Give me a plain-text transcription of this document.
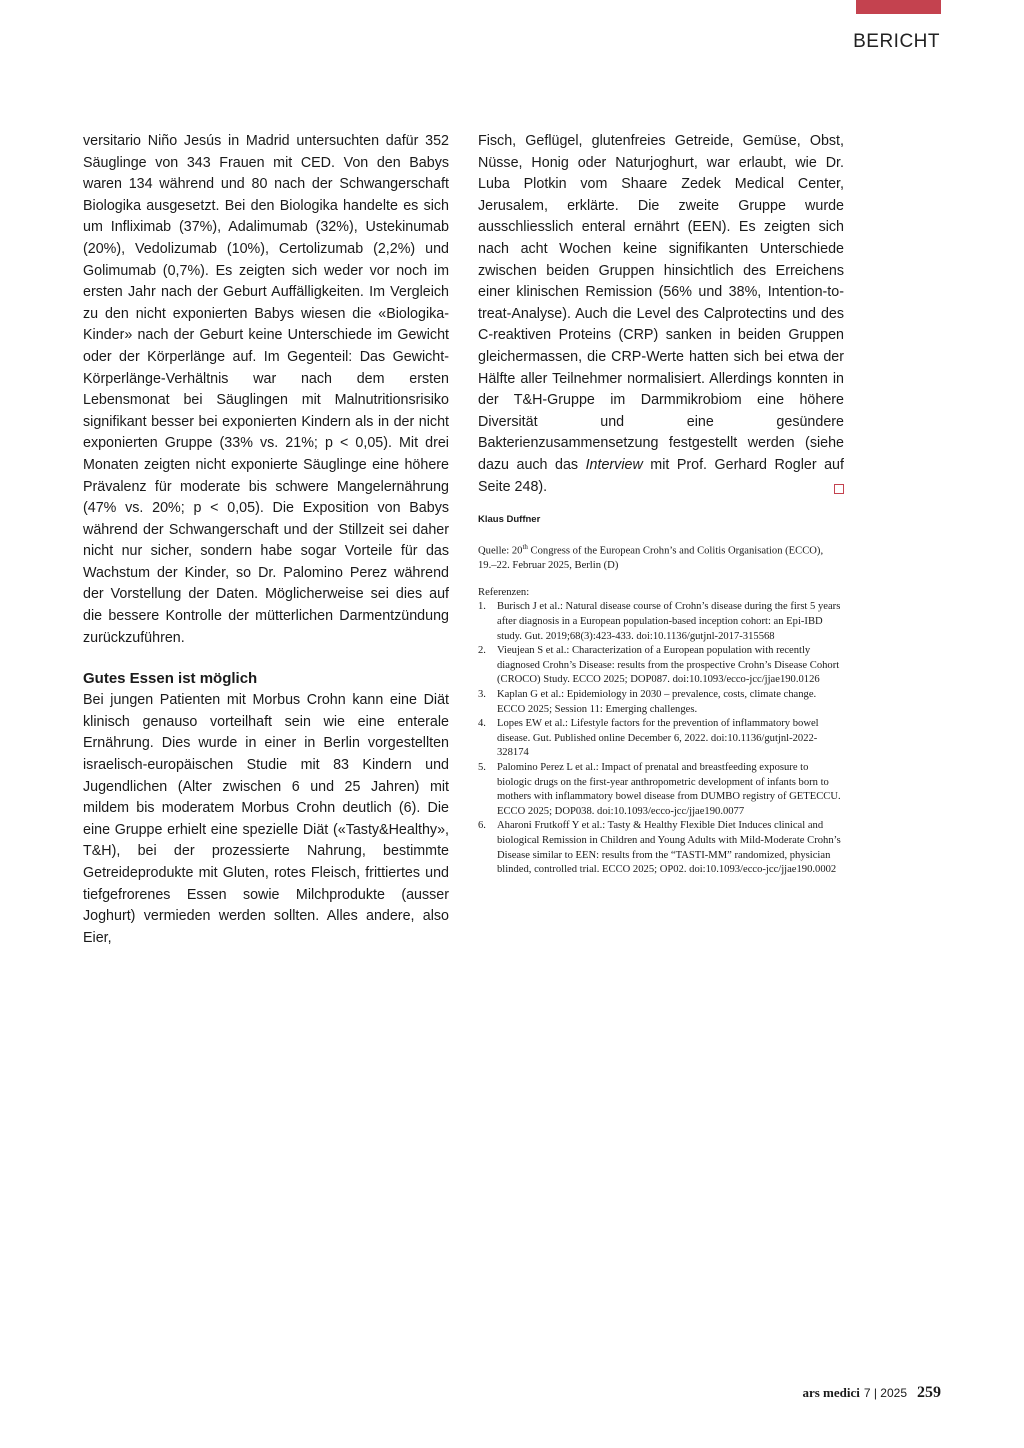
BERICHT

versitario Niño Jesús in Madrid untersuchten dafür 352 Säuglinge von 343 Frauen mit CED. Von den Babys waren 134 während und 80 nach der Schwangerschaft Biologika ausgesetzt. Bei den Biologika handelte es sich um Infliximab (37%), Adalimumab (32%), Ustekinumab (20%), Vedolizumab (10%), Certolizumab (2,2%) und Golimumab (0,7%). Es zeigten sich weder vor noch im ersten Jahr nach der Geburt Auffälligkeiten. Im Vergleich zu den nicht exponierten Babys wiesen die «Biologika-Kinder» nach der Geburt keine Unterschiede im Gewicht oder der Körperlänge auf. Im Gegenteil: Das Gewicht-Körperlänge-Verhältnis war nach dem ersten Lebensmonat bei Säuglingen mit Malnutritionsrisiko signifikant besser bei exponierten Kindern als in der nicht exponierten Gruppe (33% vs. 21%; p < 0,05). Mit drei Monaten zeigten nicht exponierte Säuglinge eine höhere Prävalenz für moderate bis schwere Mangelernährung (47% vs. 20%; p < 0,05). Die Exposition von Babys während der Schwangerschaft und der Stillzeit sei daher nicht nur sicher, sondern habe sogar Vorteile für das Wachstum der Kinder, so Dr. Palomino Perez während der Vorstellung der Daten. Möglicherweise sei dies auf die bessere Kontrolle der mütterlichen Darmentzündung zurückzuführen.

Gutes Essen ist möglich

Bei jungen Patienten mit Morbus Crohn kann eine Diät klinisch genauso vorteilhaft sein wie eine enterale Ernährung. Dies wurde in einer in Berlin vorgestellten israelisch-europäischen Studie mit 83 Kindern und Jugendlichen (Alter zwischen 6 und 25 Jahren) mit mildem bis moderatem Morbus Crohn deutlich (6). Die eine Gruppe erhielt eine spezielle Diät («Tasty&Healthy», T&H), bei der prozessierte Nahrung, bestimmte Getreideprodukte mit Gluten, rotes Fleisch, frittiertes und tiefgefrorenes Essen sowie Milchprodukte (ausser Joghurt) vermieden werden sollten. Alles andere, also Eier,

Fisch, Geflügel, glutenfreies Getreide, Gemüse, Obst, Nüsse, Honig oder Naturjoghurt, war erlaubt, wie Dr. Luba Plotkin vom Shaare Zedek Medical Center, Jerusalem, erklärte. Die zweite Gruppe wurde ausschliesslich enteral ernährt (EEN). Es zeigten sich nach acht Wochen keine signifikanten Unterschiede zwischen beiden Gruppen hinsichtlich des Erreichens einer klinischen Remission (56% und 38%, Intention-to-treat-Analyse). Auch die Level des Calprotectins und des C-reaktiven Proteins (CRP) sanken in beiden Gruppen gleichermassen, die CRP-Werte hatten sich bei etwa der Hälfte aller Teilnehmer normalisiert. Allerdings konnten in der T&H-Gruppe im Darmmikrobiom eine höhere Diversität und eine gesündere Bakterienzusammensetzung festgestellt werden (siehe dazu auch das Interview mit Prof. Gerhard Rogler auf Seite 248).

Klaus Duffner

Quelle: 20th Congress of the European Crohn’s and Colitis Organisation (ECCO), 19.–22. Februar 2025, Berlin (D)

Referenzen:

1.	Burisch J et al.: Natural disease course of Crohn’s disease during the first 5 years after diagnosis in a European population-based inception cohort: an Epi-IBD study. Gut. 2019;68(3):423-433. doi:10.1136/gutjnl-2017-315568
2.	Vieujean S et al.: Characterization of a European population with recently diagnosed Crohn’s Disease: results from the prospective Crohn’s Disease Cohort (CROCO) Study. ECCO 2025; DOP087. doi:10.1093/ecco-jcc/jjae190.0126
3.	Kaplan G et al.: Epidemiology in 2030 – prevalence, costs, climate change. ECCO 2025; Session 11: Emerging challenges.
4.	Lopes EW et al.: Lifestyle factors for the prevention of inflammatory bowel disease. Gut. Published online December 6, 2022. doi:10.1136/gutjnl-2022-328174
5.	Palomino Perez L et al.: Impact of prenatal and breastfeeding exposure to biologic drugs on the first-year anthropometric development of infants born to mothers with inflammatory bowel disease from DUMBO registry of GETECCU. ECCO 2025; DOP038. doi:10.1093/ecco-jcc/jjae190.0077
6.	Aharoni Frutkoff Y et al.: Tasty & Healthy Flexible Diet Induces clinical and biological Remission in Children and Young Adults with Mild-Moderate Crohn’s Disease similar to EEN: results from the “TASTI-MM” randomized, physician blinded, controlled trial. ECCO 2025; OP02. doi:10.1093/ecco-jcc/jjae190.0002
ars medici 7 | 2025 259
